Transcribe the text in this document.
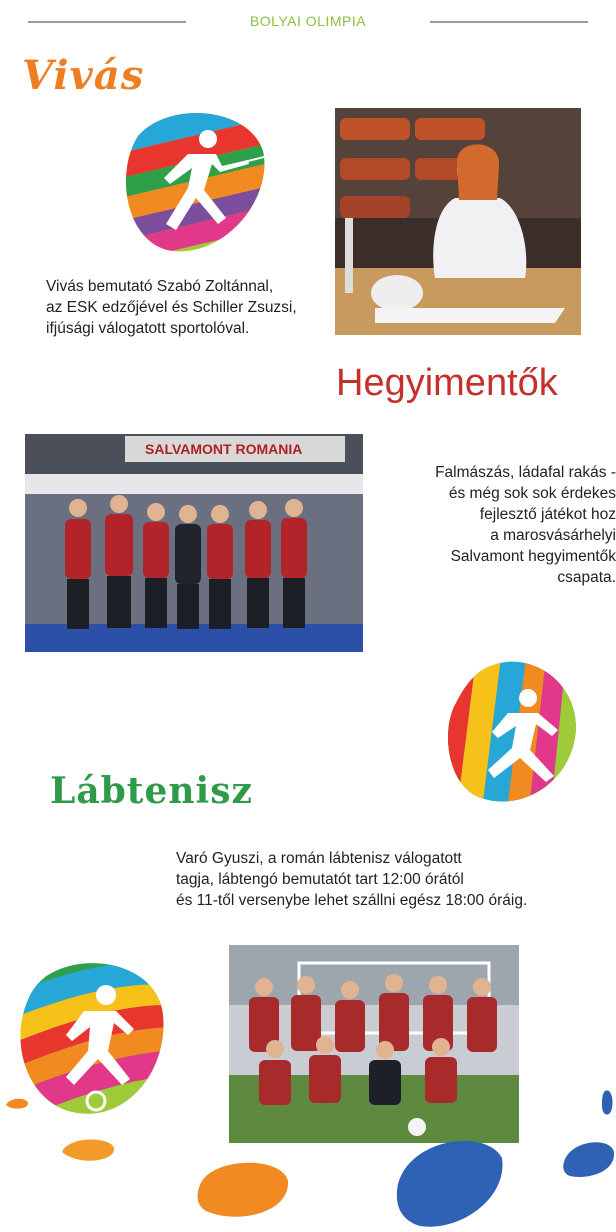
BOLYAI OLIMPIA
Vivás
Vivás bemutató Szabó Zoltánnal,
az ESK edzőjével és Schiller Zsuzsi,
ifjúsági válogatott sportolóval.
Hegyimentők
SALVAMONT ROMANIA
Falmászás, ládafal rakás -
és még sok sok érdekes
fejlesztő játékot hoz
a marosvásárhelyi
Salvamont hegyimentők
csapata.
Lábtenisz
Varó Gyuszi, a román lábtenisz válogatott
tagja, lábtengó bemutatót tart 12:00 órától
és 11-től versenybe lehet szállni egész 18:00 óráig.
